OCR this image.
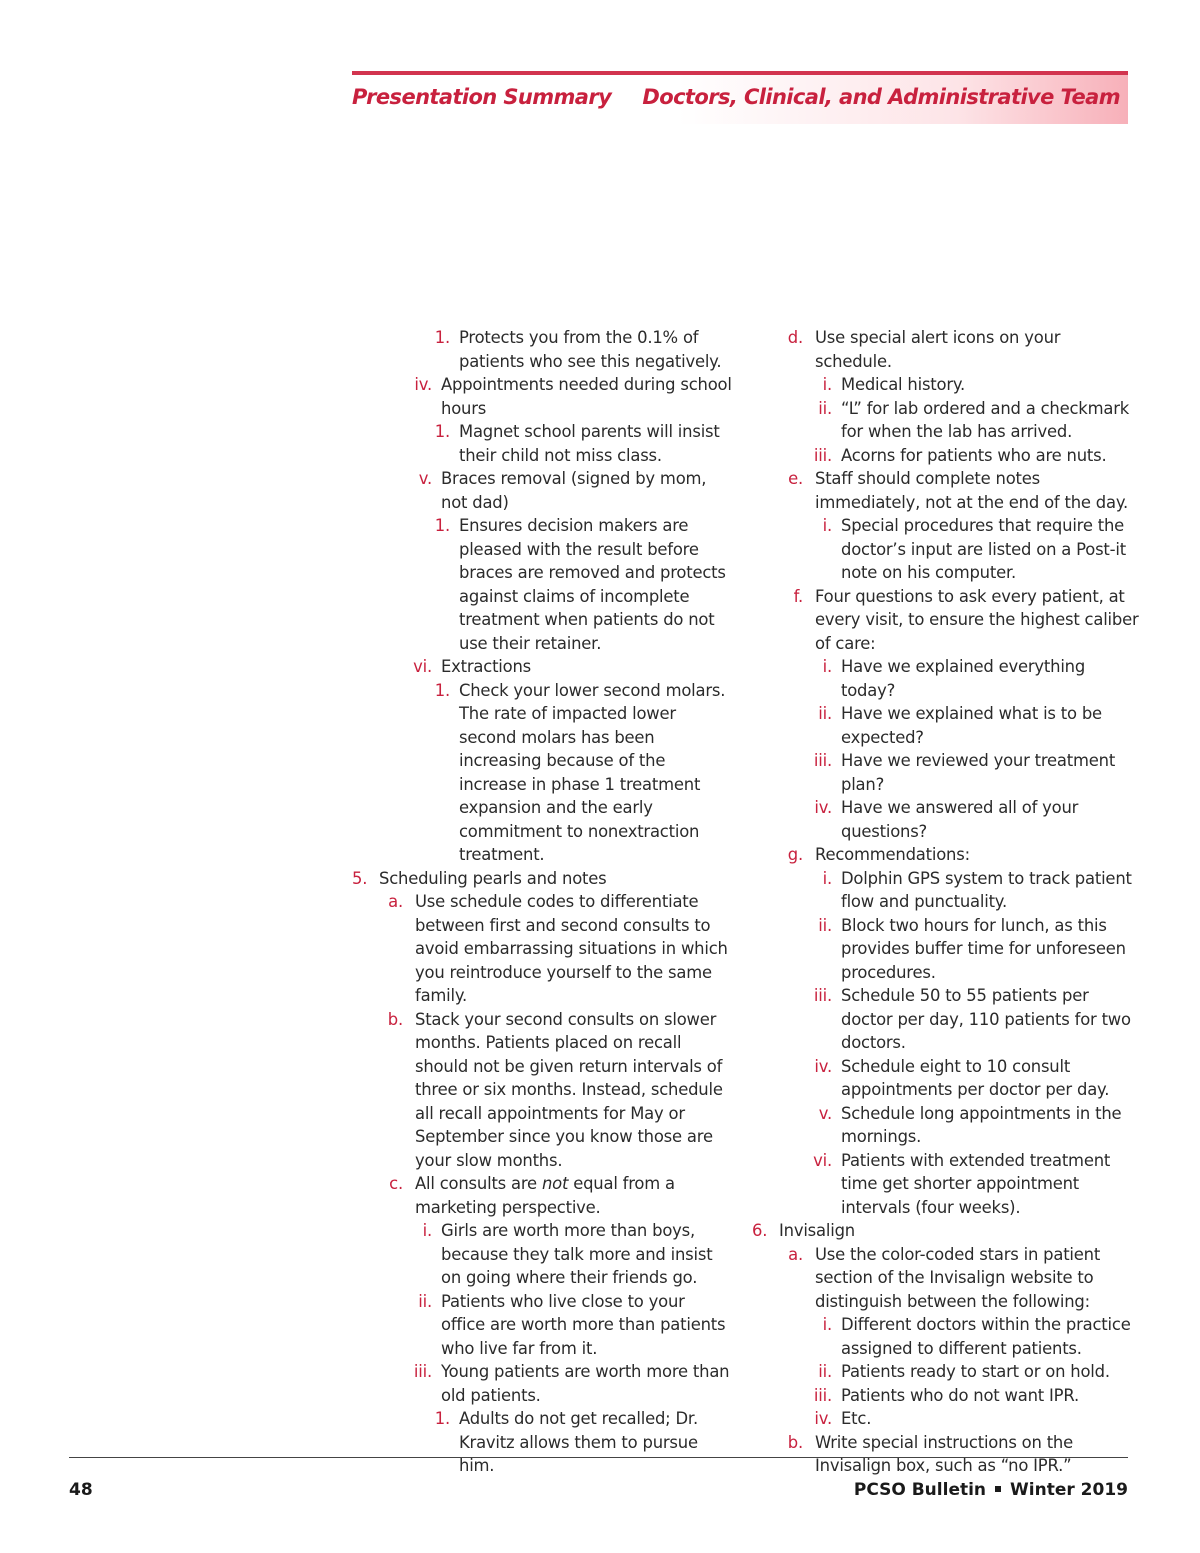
Presentation Summary Doctors, Clinical, and Administrative Team
1. Protects you from the 0.1% of patients who see this negatively.
iv. Appointments needed during school hours
1. Magnet school parents will insist their child not miss class.
v. Braces removal (signed by mom, not dad)
1. Ensures decision makers are pleased with the result before braces are removed and protects against claims of incomplete treatment when patients do not use their retainer.
vi. Extractions
1. Check your lower second molars. The rate of impacted lower second molars has been increasing because of the increase in phase 1 treatment expansion and the early commitment to nonextraction treatment.
5. Scheduling pearls and notes
a. Use schedule codes to differentiate between first and second consults to avoid embarrassing situations in which you reintroduce yourself to the same family.
b. Stack your second consults on slower months. Patients placed on recall should not be given return intervals of three or six months. Instead, schedule all recall appointments for May or September since you know those are your slow months.
c. All consults are not equal from a marketing perspective.
i. Girls are worth more than boys, because they talk more and insist on going where their friends go.
ii. Patients who live close to your office are worth more than patients who live far from it.
iii. Young patients are worth more than old patients.
1. Adults do not get recalled; Dr. Kravitz allows them to pursue him.
d. Use special alert icons on your schedule.
i. Medical history.
ii. “L” for lab ordered and a checkmark for when the lab has arrived.
iii. Acorns for patients who are nuts.
e. Staff should complete notes immediately, not at the end of the day.
i. Special procedures that require the doctor’s input are listed on a Post-it note on his computer.
f. Four questions to ask every patient, at every visit, to ensure the highest caliber of care:
i. Have we explained everything today?
ii. Have we explained what is to be expected?
iii. Have we reviewed your treatment plan?
iv. Have we answered all of your questions?
g. Recommendations:
i. Dolphin GPS system to track patient flow and punctuality.
ii. Block two hours for lunch, as this provides buffer time for unforeseen procedures.
iii. Schedule 50 to 55 patients per doctor per day, 110 patients for two doctors.
iv. Schedule eight to 10 consult appointments per doctor per day.
v. Schedule long appointments in the mornings.
vi. Patients with extended treatment time get shorter appointment intervals (four weeks).
6. Invisalign
a. Use the color-coded stars in patient section of the Invisalign website to distinguish between the following:
i. Different doctors within the practice assigned to different patients.
ii. Patients ready to start or on hold.
iii. Patients who do not want IPR.
iv. Etc.
b. Write special instructions on the Invisalign box, such as “no IPR.”
48	PCSO Bulletin Winter 2019
